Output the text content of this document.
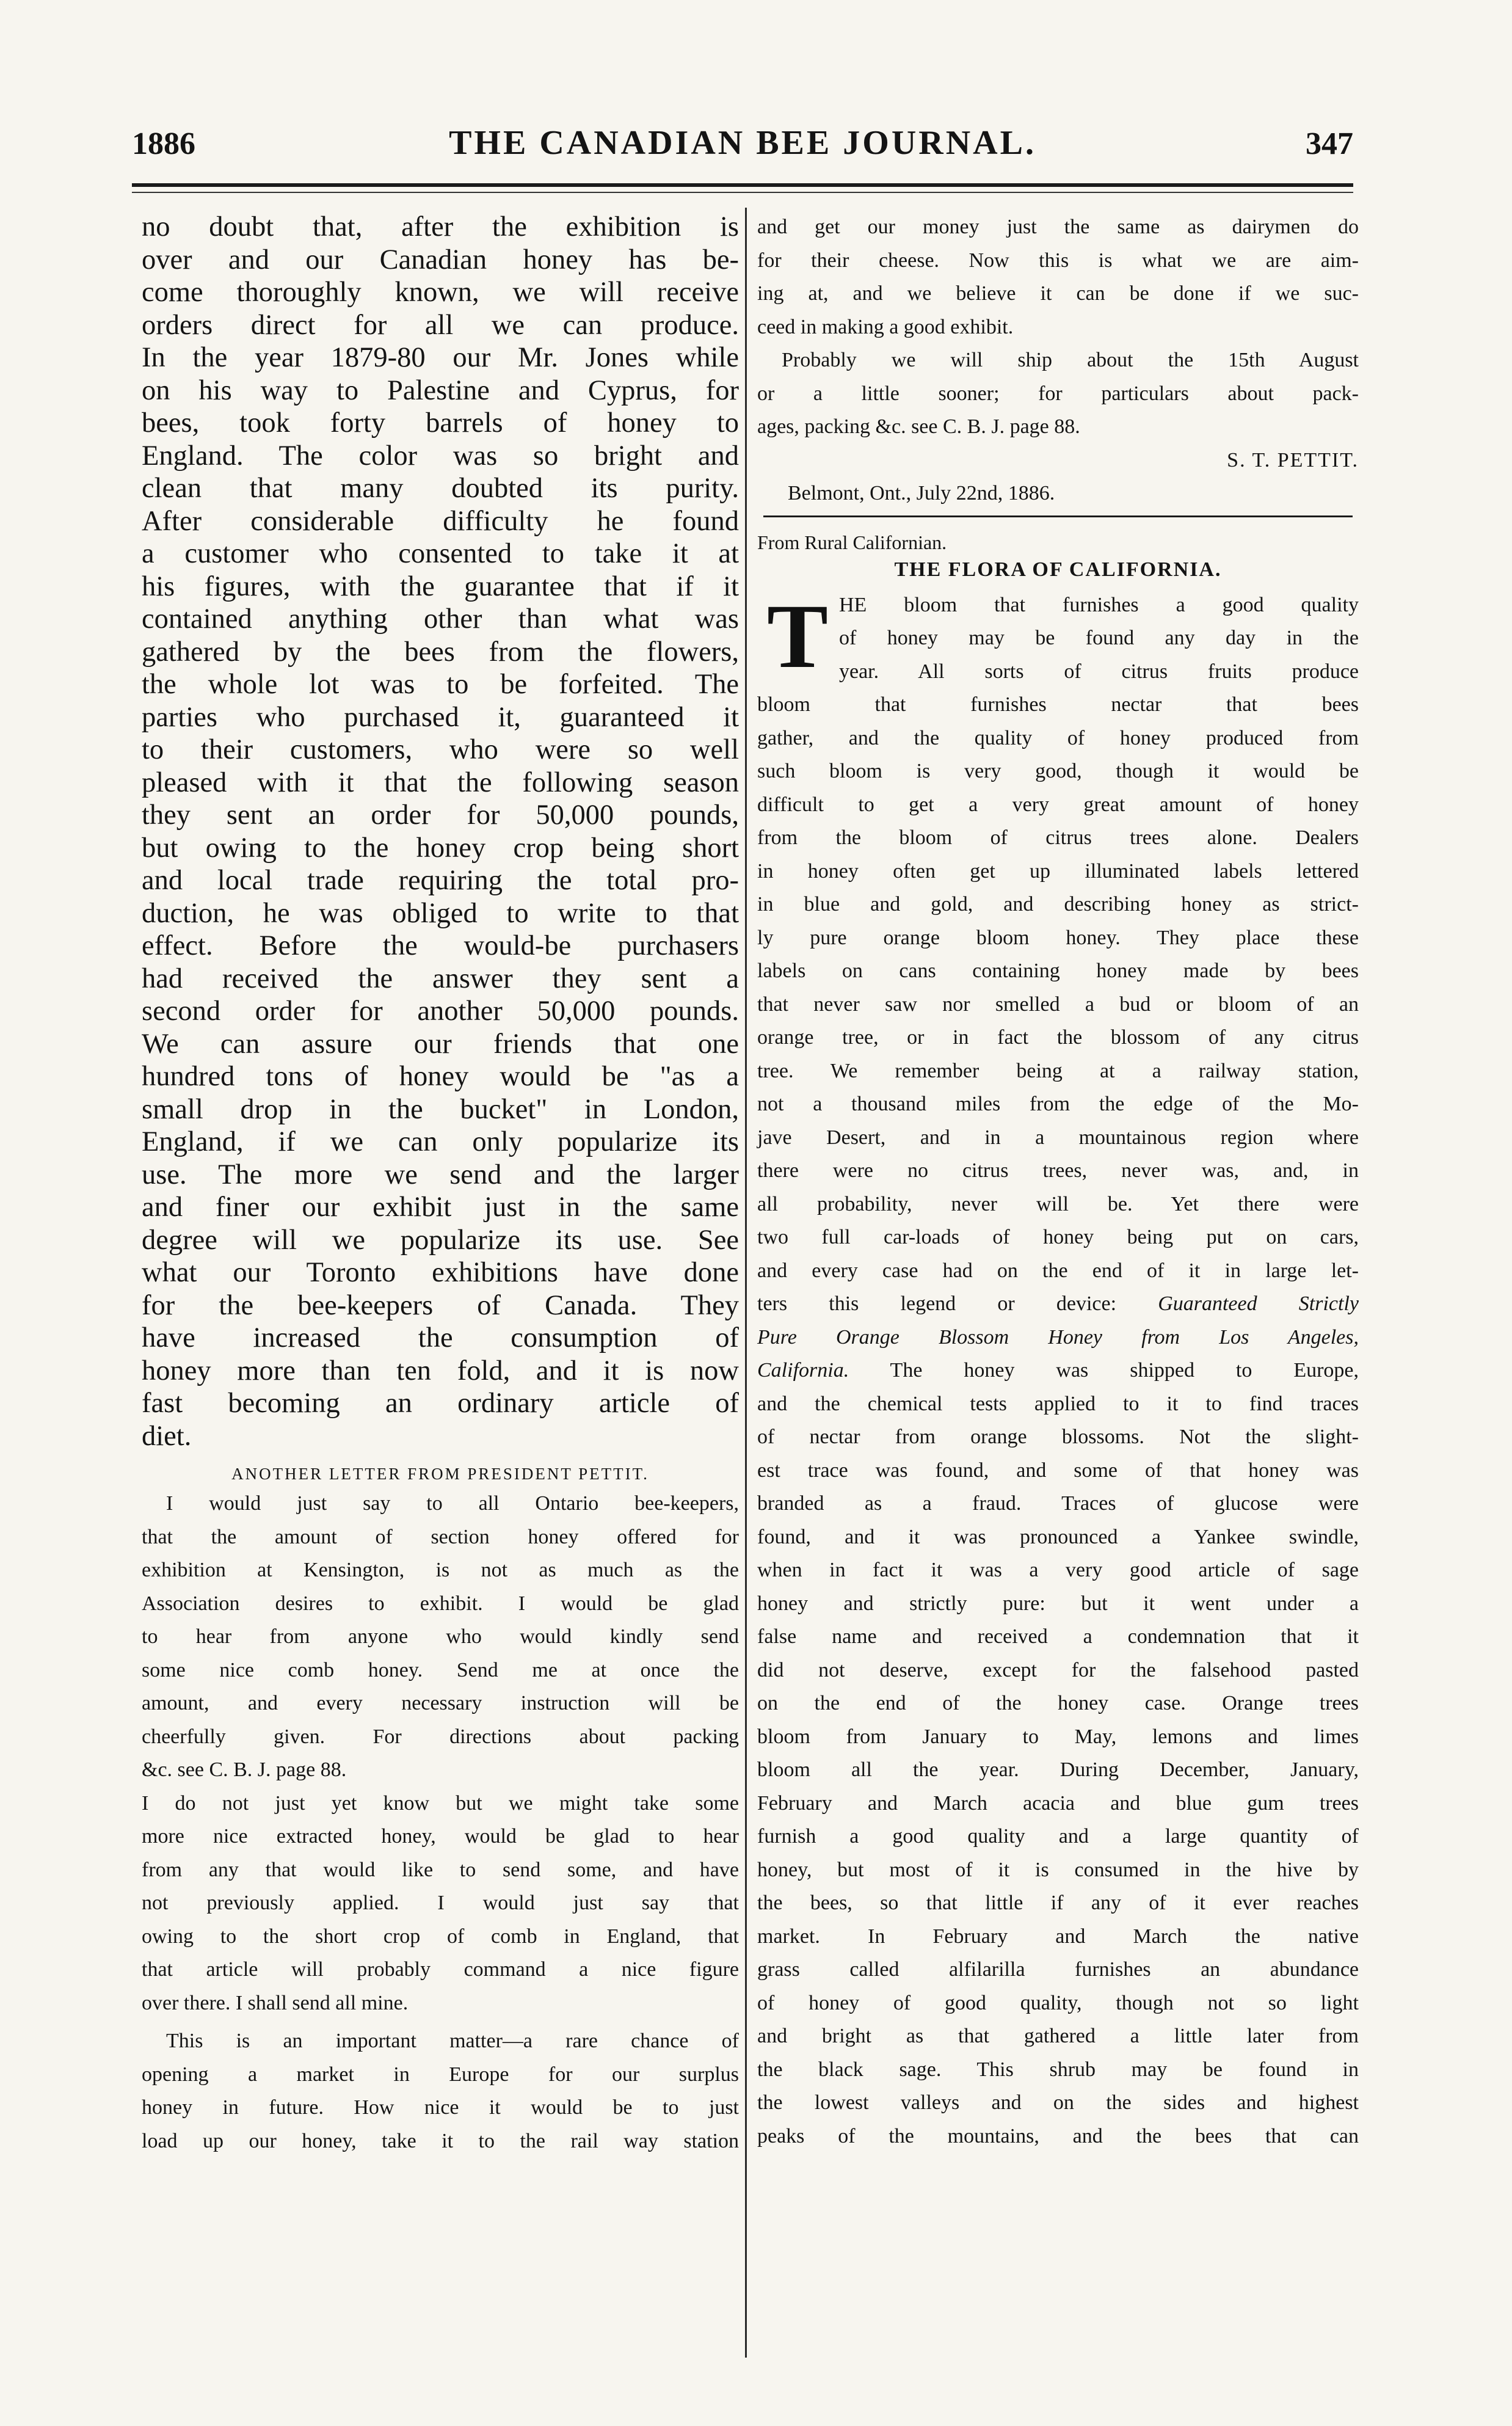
1886	THE CANADIAN BEE JOURNAL.	347
no doubt that, after the exhibition is
over and our Canadian honey has be-
come thoroughly known, we will receive
orders direct for all we can produce.
In the year 1879-80 our Mr. Jones while
on his way to Palestine and Cyprus, for
bees, took forty barrels of honey to
England. The color was so bright and
clean that many doubted its purity.
After considerable difficulty he found
a customer who consented to take it at
his figures, with the guarantee that if it
contained anything other than what was
gathered by the bees from the flowers,
the whole lot was to be forfeited. The
parties who purchased it, guaranteed it
to their customers, who were so well
pleased with it that the following season
they sent an order for 50,000 pounds,
but owing to the honey crop being short
and local trade requiring the total pro-
duction, he was obliged to write to that
effect. Before the would-be purchasers
had received the answer they sent a
second order for another 50,000 pounds.
We can assure our friends that one
hundred tons of honey would be "as a
small drop in the bucket" in London,
England, if we can only popularize its
use. The more we send and the larger
and finer our exhibit just in the same
degree will we popularize its use. See
what our Toronto exhibitions have done
for the bee-keepers of Canada. They
have increased the consumption of
honey more than ten fold, and it is now
fast becoming an ordinary article of
diet.
ANOTHER LETTER FROM PRESIDENT PETTIT.
I would just say to all Ontario bee-keepers,
that the amount of section honey offered for
exhibition at Kensington, is not as much as the
Association desires to exhibit. I would be glad
to hear from anyone who would kindly send
some nice comb honey. Send me at once the
amount, and every necessary instruction will be
cheerfully given. For directions about packing
&c. see C. B. J. page 88.
I do not just yet know but we might take some
more nice extracted honey, would be glad to hear
from any that would like to send some, and have
not previously applied. I would just say that
owing to the short crop of comb in England, that
that article will probably command a nice figure
over there. I shall send all mine.
This is an important matter—a rare chance of
opening a market in Europe for our surplus
honey in future. How nice it would be to just
load up our honey, take it to the rail way station
and get our money just the same as dairymen do
for their cheese. Now this is what we are aim-
ing at, and we believe it can be done if we suc-
ceed in making a good exhibit.
Probably we will ship about the 15th August
or a little sooner; for particulars about pack-
ages, packing &c. see C. B. J. page 88.
S. T. PETTIT.
Belmont, Ont., July 22nd, 1886.
From Rural Californian.
THE FLORA OF CALIFORNIA.
T HE bloom that furnishes a good quality
of honey may be found any day in the
year. All sorts of citrus fruits produce
bloom that furnishes nectar that bees
gather, and the quality of honey produced from
such bloom is very good, though it would be
difficult to get a very great amount of honey
from the bloom of citrus trees alone. Dealers
in honey often get up illuminated labels lettered
in blue and gold, and describing honey as strict-
ly pure orange bloom honey. They place these
labels on cans containing honey made by bees
that never saw nor smelled a bud or bloom of an
orange tree, or in fact the blossom of any citrus
tree. We remember being at a railway station,
not a thousand miles from the edge of the Mo-
jave Desert, and in a mountainous region where
there were no citrus trees, never was, and, in
all probability, never will be. Yet there were
two full car-loads of honey being put on cars,
and every case had on the end of it in large let-
ters this legend or device: Guaranteed Strictly
Pure Orange Blossom Honey from Los Angeles,
California. The honey was shipped to Europe,
and the chemical tests applied to it to find traces
of nectar from orange blossoms. Not the slight-
est trace was found, and some of that honey was
branded as a fraud. Traces of glucose were
found, and it was pronounced a Yankee swindle,
when in fact it was a very good article of sage
honey and strictly pure: but it went under a
false name and received a condemnation that it
did not deserve, except for the falsehood pasted
on the end of the honey case. Orange trees
bloom from January to May, lemons and limes
bloom all the year. During December, January,
February and March acacia and blue gum trees
furnish a good quality and a large quantity of
honey, but most of it is consumed in the hive by
the bees, so that little if any of it ever reaches
market. In February and March the native
grass called alfilarilla furnishes an abundance
of honey of good quality, though not so light
and bright as that gathered a little later from
the black sage. This shrub may be found in
the lowest valleys and on the sides and highest
peaks of the mountains, and the bees that can
